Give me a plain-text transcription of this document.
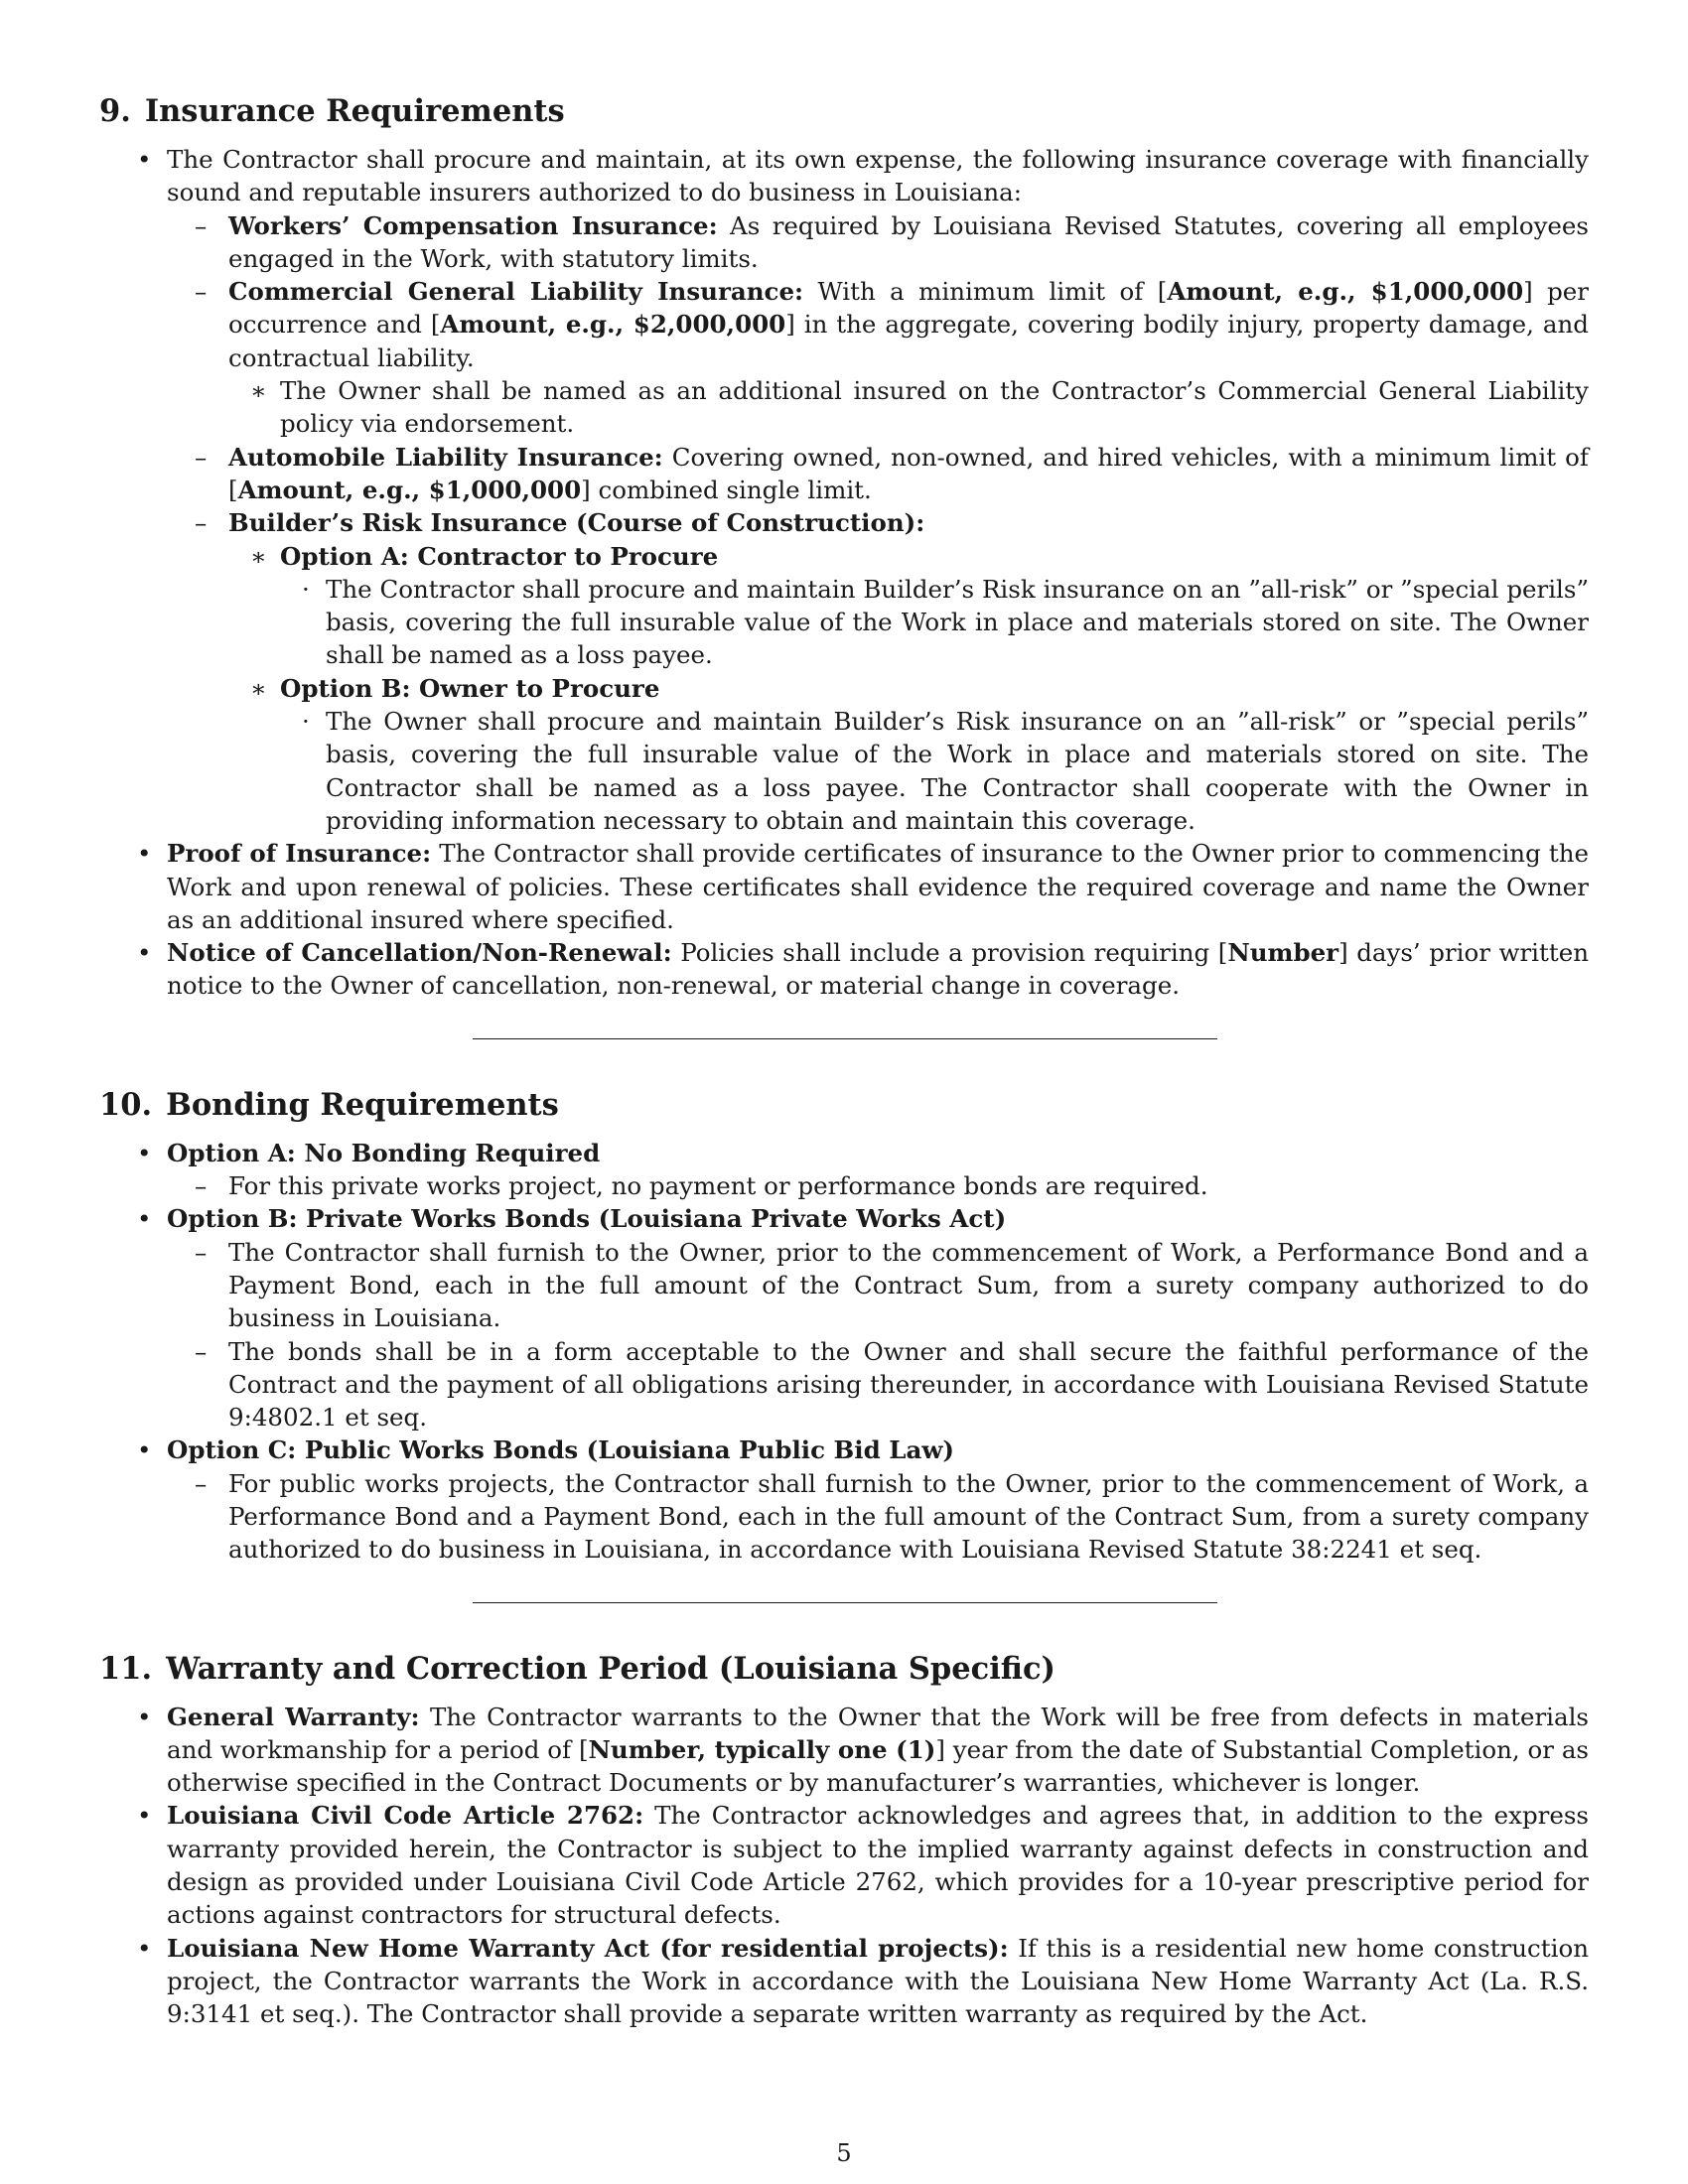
9. Insurance Requirements
• The Contractor shall procure and maintain, at its own expense, the following insurance coverage with financially sound and reputable insurers authorized to do business in Louisiana:
– Workers’ Compensation Insurance: As required by Louisiana Revised Statutes, covering all employees engaged in the Work, with statutory limits.
– Commercial General Liability Insurance: With a minimum limit of [Amount, e.g., $1,000,000] per occurrence and [Amount, e.g., $2,000,000] in the aggregate, covering bodily injury, property damage, and contractual liability.
∗ The Owner shall be named as an additional insured on the Contractor’s Commercial General Liability policy via endorsement.
– Automobile Liability Insurance: Covering owned, non-owned, and hired vehicles, with a minimum limit of [Amount, e.g., $1,000,000] combined single limit.
– Builder’s Risk Insurance (Course of Construction):
∗ Option A: Contractor to Procure
· The Contractor shall procure and maintain Builder’s Risk insurance on an ”all-risk” or ”special perils” basis, covering the full insurable value of the Work in place and materials stored on site. The Owner shall be named as a loss payee.
∗ Option B: Owner to Procure
· The Owner shall procure and maintain Builder’s Risk insurance on an ”all-risk” or ”special perils” basis, covering the full insurable value of the Work in place and materials stored on site. The Contractor shall be named as a loss payee. The Contractor shall cooperate with the Owner in providing information necessary to obtain and maintain this coverage.
• Proof of Insurance: The Contractor shall provide certificates of insurance to the Owner prior to commencing the Work and upon renewal of policies. These certificates shall evidence the required coverage and name the Owner as an additional insured where specified.
• Notice of Cancellation/Non-Renewal: Policies shall include a provision requiring [Number] days’ prior written notice to the Owner of cancellation, non-renewal, or material change in coverage.
10. Bonding Requirements
• Option A: No Bonding Required
– For this private works project, no payment or performance bonds are required.
• Option B: Private Works Bonds (Louisiana Private Works Act)
– The Contractor shall furnish to the Owner, prior to the commencement of Work, a Performance Bond and a Payment Bond, each in the full amount of the Contract Sum, from a surety company authorized to do business in Louisiana.
– The bonds shall be in a form acceptable to the Owner and shall secure the faithful performance of the Contract and the payment of all obligations arising thereunder, in accordance with Louisiana Revised Statute 9:4802.1 et seq.
• Option C: Public Works Bonds (Louisiana Public Bid Law)
– For public works projects, the Contractor shall furnish to the Owner, prior to the commencement of Work, a Performance Bond and a Payment Bond, each in the full amount of the Contract Sum, from a surety company authorized to do business in Louisiana, in accordance with Louisiana Revised Statute 38:2241 et seq.
11. Warranty and Correction Period (Louisiana Specific)
• General Warranty: The Contractor warrants to the Owner that the Work will be free from defects in materials and workmanship for a period of [Number, typically one (1)] year from the date of Substantial Completion, or as otherwise specified in the Contract Documents or by manufacturer’s warranties, whichever is longer.
• Louisiana Civil Code Article 2762: The Contractor acknowledges and agrees that, in addition to the express warranty provided herein, the Contractor is subject to the implied warranty against defects in construction and design as provided under Louisiana Civil Code Article 2762, which provides for a 10-year prescriptive period for actions against contractors for structural defects.
• Louisiana New Home Warranty Act (for residential projects): If this is a residential new home construction project, the Contractor warrants the Work in accordance with the Louisiana New Home Warranty Act (La. R.S. 9:3141 et seq.). The Contractor shall provide a separate written warranty as required by the Act.
5
